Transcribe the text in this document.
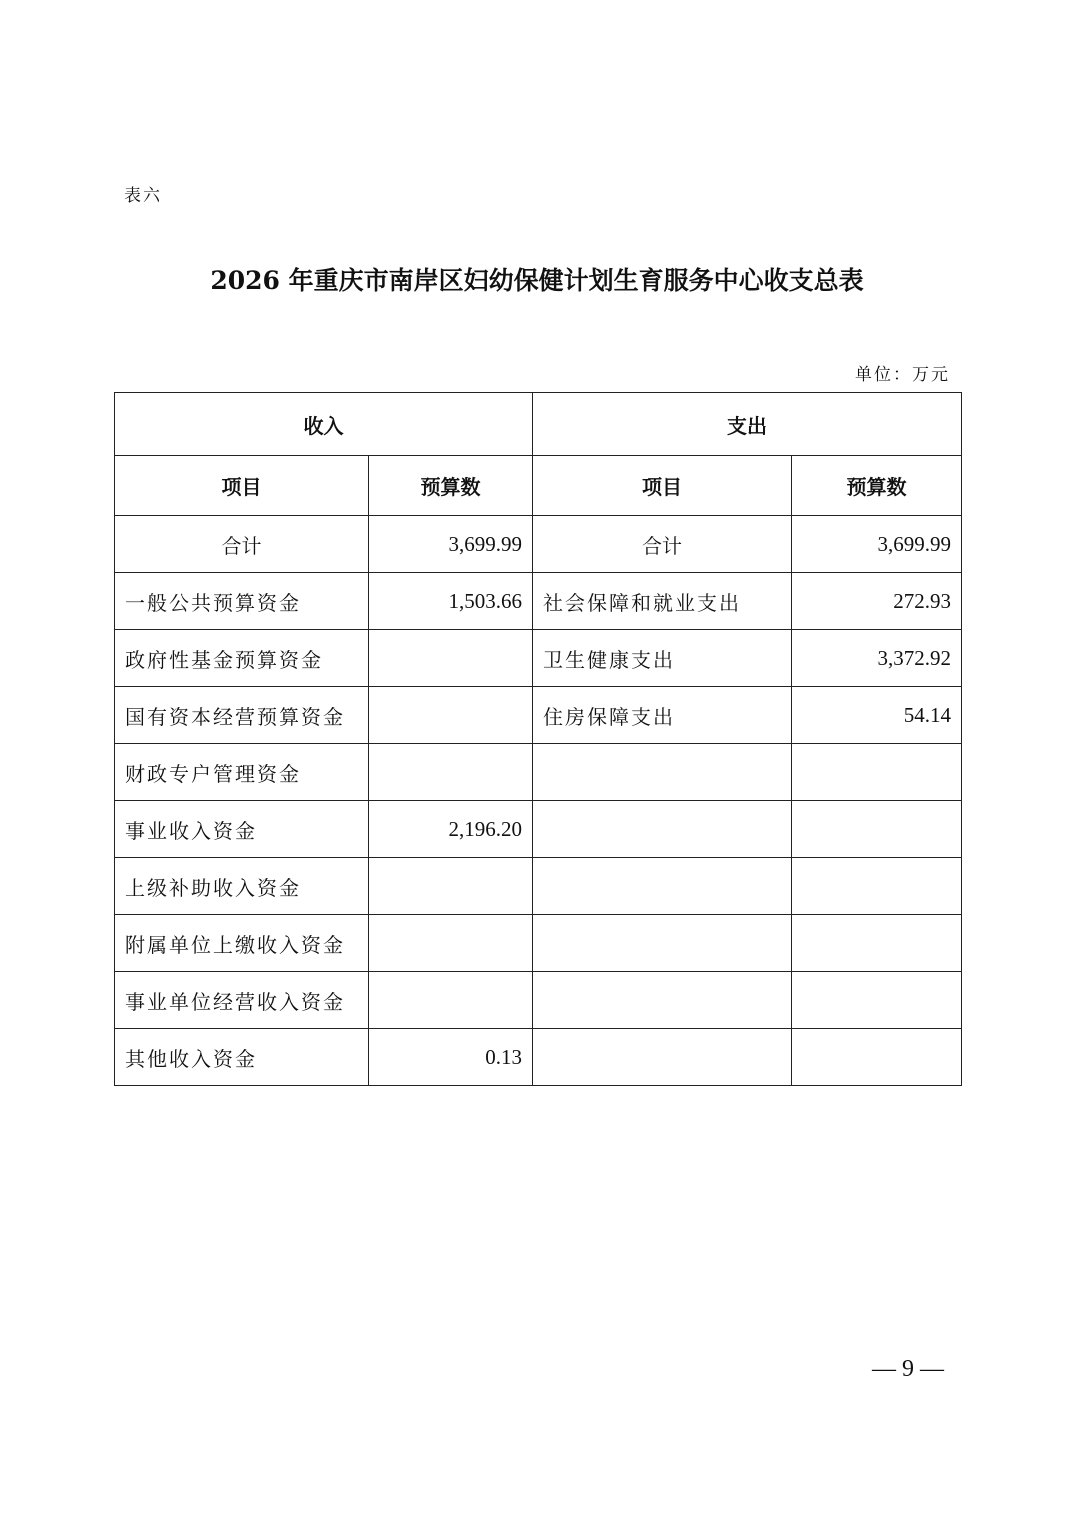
表六
2026 年重庆市南岸区妇幼保健计划生育服务中心收支总表
单位：万元
收入		支出	
项目	预算数	项目	预算数
合计	3,699.99	合计	3,699.99
一般公共预算资金	1,503.66	社会保障和就业支出	272.93
政府性基金预算资金		卫生健康支出	3,372.92
国有资本经营预算资金		住房保障支出	54.14
财政专户管理资金			
事业收入资金	2,196.20		
上级补助收入资金			
附属单位上缴收入资金			
事业单位经营收入资金			
其他收入资金	0.13		
— 9 —
